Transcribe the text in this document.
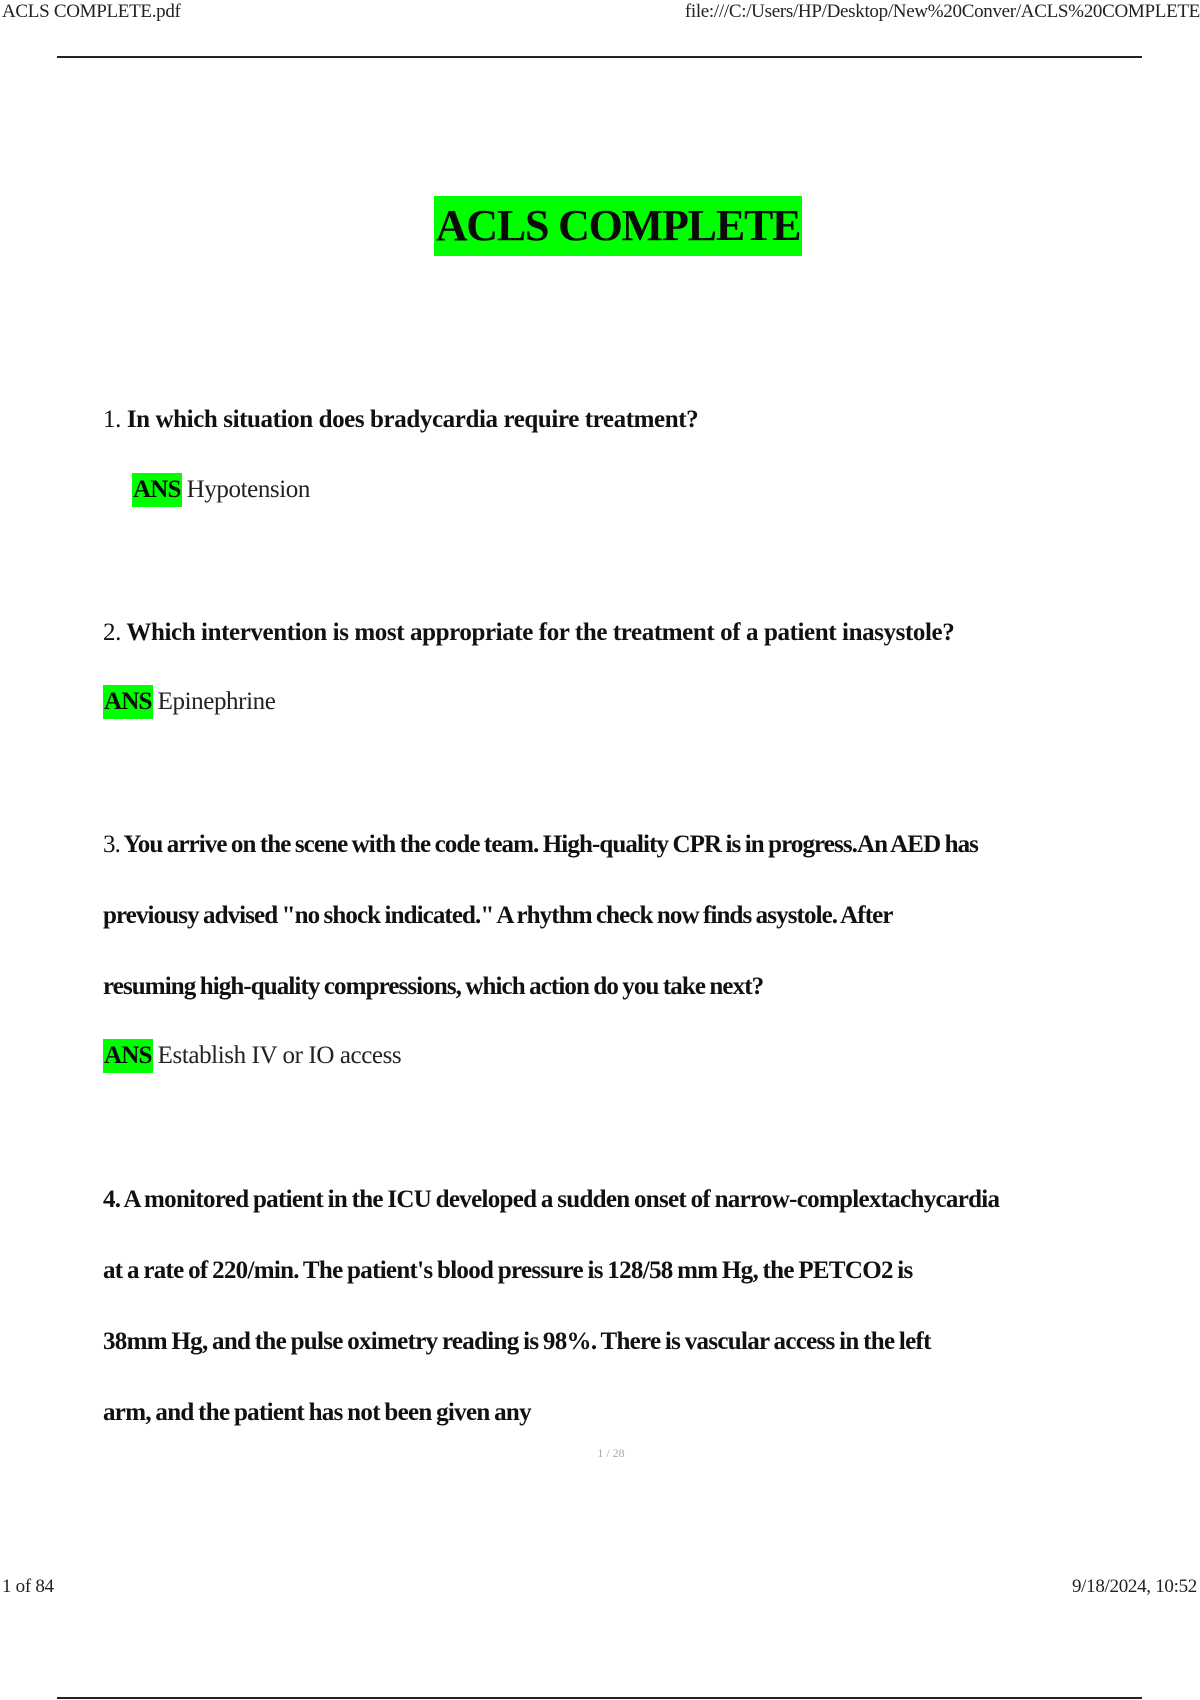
ACLS COMPLETE.pdf	file:///C:/Users/HP/Desktop/New%20Conver/ACLS%20COMPLETE
ACLS COMPLETE
1. In which situation does bradycardia require treatment?
ANS Hypotension
2. Which intervention is most appropriate for the treatment of a patient inasystole?
ANS Epinephrine
3. You arrive on the scene with the code team. High-quality CPR is in progress.An AED has
previousy advised "no shock indicated." A rhythm check now finds asystole. After
resuming high-quality compressions, which action do you take next?
ANS Establish IV or IO access
4. A monitored patient in the ICU developed a sudden onset of narrow-complextachycardia
at a rate of 220/min. The patient's blood pressure is 128/58 mm Hg, the PETCO2 is
38mm Hg, and the pulse oximetry reading is 98%. There is vascular access in the left
arm, and the patient has not been given any
1 / 28
1 of 84	9/18/2024, 10:52
